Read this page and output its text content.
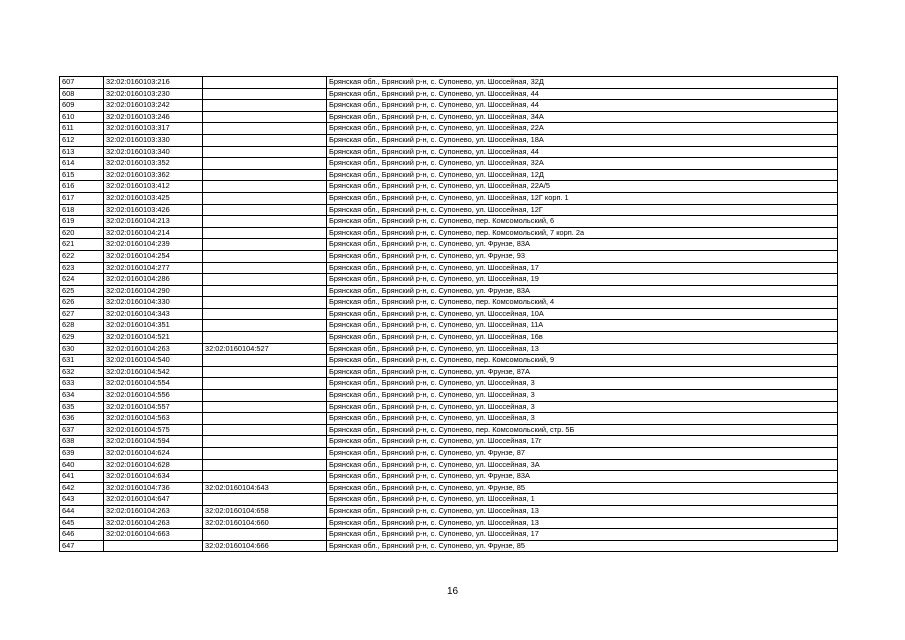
607	32:02:0160103:216		Брянская обл., Брянский р-н, с. Супонево, ул. Шоссейная, 32Д
608	32:02:0160103:230		Брянская обл., Брянский р-н, с. Супонево, ул. Шоссейная, 44
609	32:02:0160103:242		Брянская обл., Брянский р-н, с. Супонево, ул. Шоссейная, 44
610	32:02:0160103:246		Брянская обл., Брянский р-н, с. Супонево, ул. Шоссейная, 34А
611	32:02:0160103:317		Брянская обл., Брянский р-н, с. Супонево, ул. Шоссейная, 22А
612	32:02:0160103:330		Брянская обл., Брянский р-н, с. Супонево, ул. Шоссейная, 18А
613	32:02:0160103:340		Брянская обл., Брянский р-н, с. Супонево, ул. Шоссейная, 44
614	32:02:0160103:352		Брянская обл., Брянский р-н, с. Супонево, ул. Шоссейная, 32А
615	32:02:0160103:362		Брянская обл., Брянский р-н, с. Супонево, ул. Шоссейная, 12Д
616	32:02:0160103:412		Брянская обл., Брянский р-н, с. Супонево, ул. Шоссейная, 22А/5
617	32:02:0160103:425		Брянская обл., Брянский р-н, с. Супонево, ул. Шоссейная, 12Г корп. 1
618	32:02:0160103:426		Брянская обл., Брянский р-н, с. Супонево, ул. Шоссейная, 12Г
619	32:02:0160104:213		Брянская обл., Брянский р-н, с. Супонево, пер. Комсомольский, 6
620	32:02:0160104:214		Брянская обл., Брянский р-н, с. Супонево, пер. Комсомольский, 7 корп. 2а
621	32:02:0160104:239		Брянская обл., Брянский р-н, с. Супонево, ул. Фрунзе, 83А
622	32:02:0160104:254		Брянская обл., Брянский р-н, с. Супонево, ул. Фрунзе, 93
623	32:02:0160104:277		Брянская обл., Брянский р-н, с. Супонево, ул. Шоссейная, 17
624	32:02:0160104:286		Брянская обл., Брянский р-н, с. Супонево, ул. Шоссейная, 19
625	32:02:0160104:290		Брянская обл., Брянский р-н, с. Супонево, ул. Фрунзе, 83А
626	32:02:0160104:330		Брянская обл., Брянский р-н, с. Супонево, пер. Комсомольский, 4
627	32:02:0160104:343		Брянская обл., Брянский р-н, с. Супонево, ул. Шоссейная, 10А
628	32:02:0160104:351		Брянская обл., Брянский р-н, с. Супонево, ул. Шоссейная, 11А
629	32:02:0160104:521		Брянская обл., Брянский р-н, с. Супонево, ул. Шоссейная, 16в
630	32:02:0160104:263	32:02:0160104:527	Брянская обл., Брянский р-н, с. Супонево, ул. Шоссейная, 13
631	32:02:0160104:540		Брянская обл., Брянский р-н, с. Супонево, пер. Комсомольский, 9
632	32:02:0160104:542		Брянская обл., Брянский р-н, с. Супонево, ул. Фрунзе, 87А
633	32:02:0160104:554		Брянская обл., Брянский р-н, с. Супонево, ул. Шоссейная, 3
634	32:02:0160104:556		Брянская обл., Брянский р-н, с. Супонево, ул. Шоссейная, 3
635	32:02:0160104:557		Брянская обл., Брянский р-н, с. Супонево, ул. Шоссейная, 3
636	32:02:0160104:563		Брянская обл., Брянский р-н, с. Супонево, ул. Шоссейная, 3
637	32:02:0160104:575		Брянская обл., Брянский р-н, с. Супонево, пер. Комсомольский, стр. 5Б
638	32:02:0160104:594		Брянская обл., Брянский р-н, с. Супонево, ул. Шоссейная, 17г
639	32:02:0160104:624		Брянская обл., Брянский р-н, с. Супонево, ул. Фрунзе, 87
640	32:02:0160104:628		Брянская обл., Брянский р-н, с. Супонево, ул. Шоссейная, 3А
641	32:02:0160104:634		Брянская обл., Брянский р-н, с. Супонево, ул. Фрунзе, 83А
642	32:02:0160104:736	32:02:0160104:643	Брянская обл., Брянский р-н, с. Супонево, ул. Фрунзе, 85
643	32:02:0160104:647		Брянская обл., Брянский р-н, с. Супонево, ул. Шоссейная, 1
644	32:02:0160104:263	32:02:0160104:658	Брянская обл., Брянский р-н, с. Супонево, ул. Шоссейная, 13
645	32:02:0160104:263	32:02:0160104:660	Брянская обл., Брянский р-н, с. Супонево, ул. Шоссейная, 13
646	32:02:0160104:663		Брянская обл., Брянский р-н, с. Супонево, ул. Шоссейная, 17
647		32:02:0160104:666	Брянская обл., Брянский р-н, с. Супонево, ул. Фрунзе, 85
16
